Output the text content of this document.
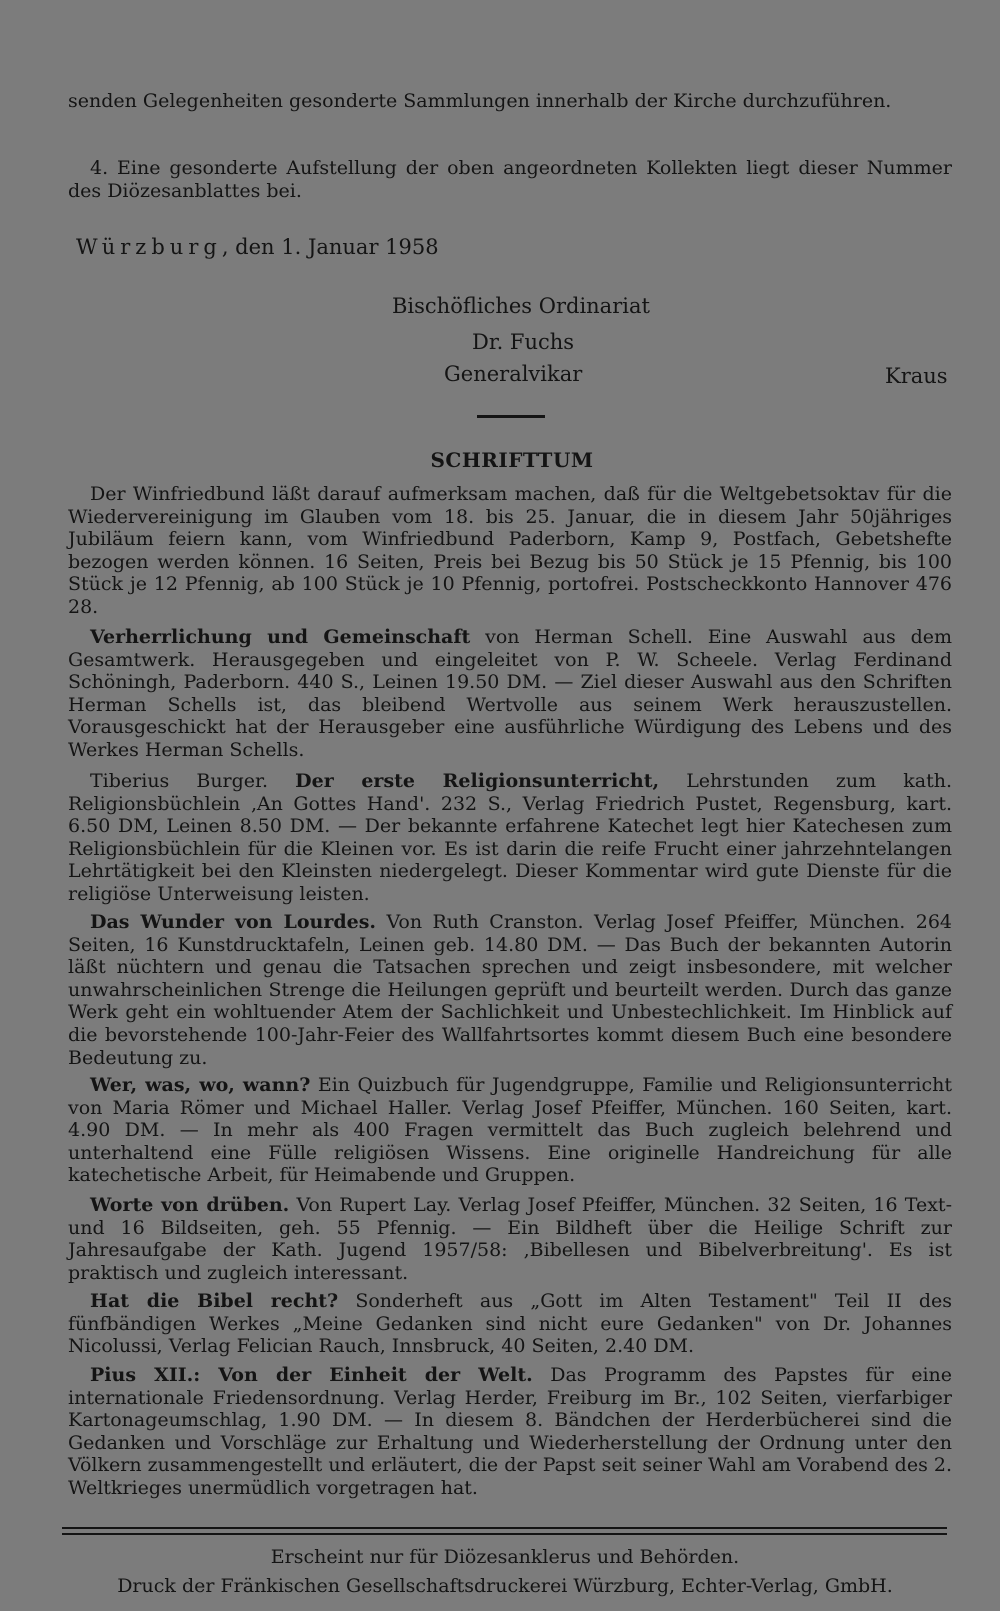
senden Gelegenheiten gesonderte Sammlungen innerhalb der Kirche durchzuführen.

4. Eine gesonderte Aufstellung der oben angeordneten Kollekten liegt dieser Nummer des Diözesanblattes bei.

Würzburg, den 1. Januar 1958
Bischöfliches Ordinariat
Dr. Fuchs
Generalvikar	Kraus
SCHRIFTTUM
Der Winfriedbund läßt darauf aufmerksam machen, daß für die Weltgebetsoktav für die Wiedervereinigung im Glauben vom 18. bis 25. Januar, die in diesem Jahr 50jähriges Jubiläum feiern kann, vom Winfriedbund Paderborn, Kamp 9, Postfach, Gebetshefte bezogen werden können. 16 Seiten, Preis bei Bezug bis 50 Stück je 15 Pfennig, bis 100 Stück je 12 Pfennig, ab 100 Stück je 10 Pfennig, portofrei. Postscheckkonto Hannover 476 28.
Verherrlichung und Gemeinschaft von Herman Schell. Eine Auswahl aus dem Gesamtwerk. Herausgegeben und eingeleitet von P. W. Scheele. Verlag Ferdinand Schöningh, Paderborn. 440 S., Leinen 19.50 DM. — Ziel dieser Auswahl aus den Schriften Herman Schells ist, das bleibend Wertvolle aus seinem Werk herauszustellen. Vorausgeschickt hat der Herausgeber eine ausführliche Würdigung des Lebens und des Werkes Herman Schells.
Tiberius Burger. Der erste Religionsunterricht, Lehrstunden zum kath. Religionsbüchlein ‚An Gottes Hand'. 232 S., Verlag Friedrich Pustet, Regensburg, kart. 6.50 DM, Leinen 8.50 DM. — Der bekannte erfahrene Katechet legt hier Katechesen zum Religionsbüchlein für die Kleinen vor. Es ist darin die reife Frucht einer jahrzehntelangen Lehrtätigkeit bei den Kleinsten niedergelegt. Dieser Kommentar wird gute Dienste für die religiöse Unterweisung leisten.
Das Wunder von Lourdes. Von Ruth Cranston. Verlag Josef Pfeiffer, München. 264 Seiten, 16 Kunstdrucktafeln, Leinen geb. 14.80 DM. — Das Buch der bekannten Autorin läßt nüchtern und genau die Tatsachen sprechen und zeigt insbesondere, mit welcher unwahrscheinlichen Strenge die Heilungen geprüft und beurteilt werden. Durch das ganze Werk geht ein wohltuender Atem der Sachlichkeit und Unbestechlichkeit. Im Hinblick auf die bevorstehende 100-Jahr-Feier des Wallfahrtsortes kommt diesem Buch eine besondere Bedeutung zu.
Wer, was, wo, wann? Ein Quizbuch für Jugendgruppe, Familie und Religionsunterricht von Maria Römer und Michael Haller. Verlag Josef Pfeiffer, München. 160 Seiten, kart. 4.90 DM. — In mehr als 400 Fragen vermittelt das Buch zugleich belehrend und unterhaltend eine Fülle religiösen Wissens. Eine originelle Handreichung für alle katechetische Arbeit, für Heimabende und Gruppen.
Worte von drüben. Von Rupert Lay. Verlag Josef Pfeiffer, München. 32 Seiten, 16 Text- und 16 Bildseiten, geh. 55 Pfennig. — Ein Bildheft über die Heilige Schrift zur Jahresaufgabe der Kath. Jugend 1957/58: ‚Bibellesen und Bibelverbreitung'. Es ist praktisch und zugleich interessant.
Hat die Bibel recht? Sonderheft aus „Gott im Alten Testament" Teil II des fünfbändigen Werkes „Meine Gedanken sind nicht eure Gedanken" von Dr. Johannes Nicolussi, Verlag Felician Rauch, Innsbruck, 40 Seiten, 2.40 DM.
Pius XII.: Von der Einheit der Welt. Das Programm des Papstes für eine internationale Friedensordnung. Verlag Herder, Freiburg im Br., 102 Seiten, vierfarbiger Kartonageumschlag, 1.90 DM. — In diesem 8. Bändchen der Herderbücherei sind die Gedanken und Vorschläge zur Erhaltung und Wiederherstellung der Ordnung unter den Völkern zusammengestellt und erläutert, die der Papst seit seiner Wahl am Vorabend des 2. Weltkrieges unermüdlich vorgetragen hat.
Erscheint nur für Diözesanklerus und Behörden.
Druck der Fränkischen Gesellschaftsdruckerei Würzburg, Echter-Verlag, GmbH.
